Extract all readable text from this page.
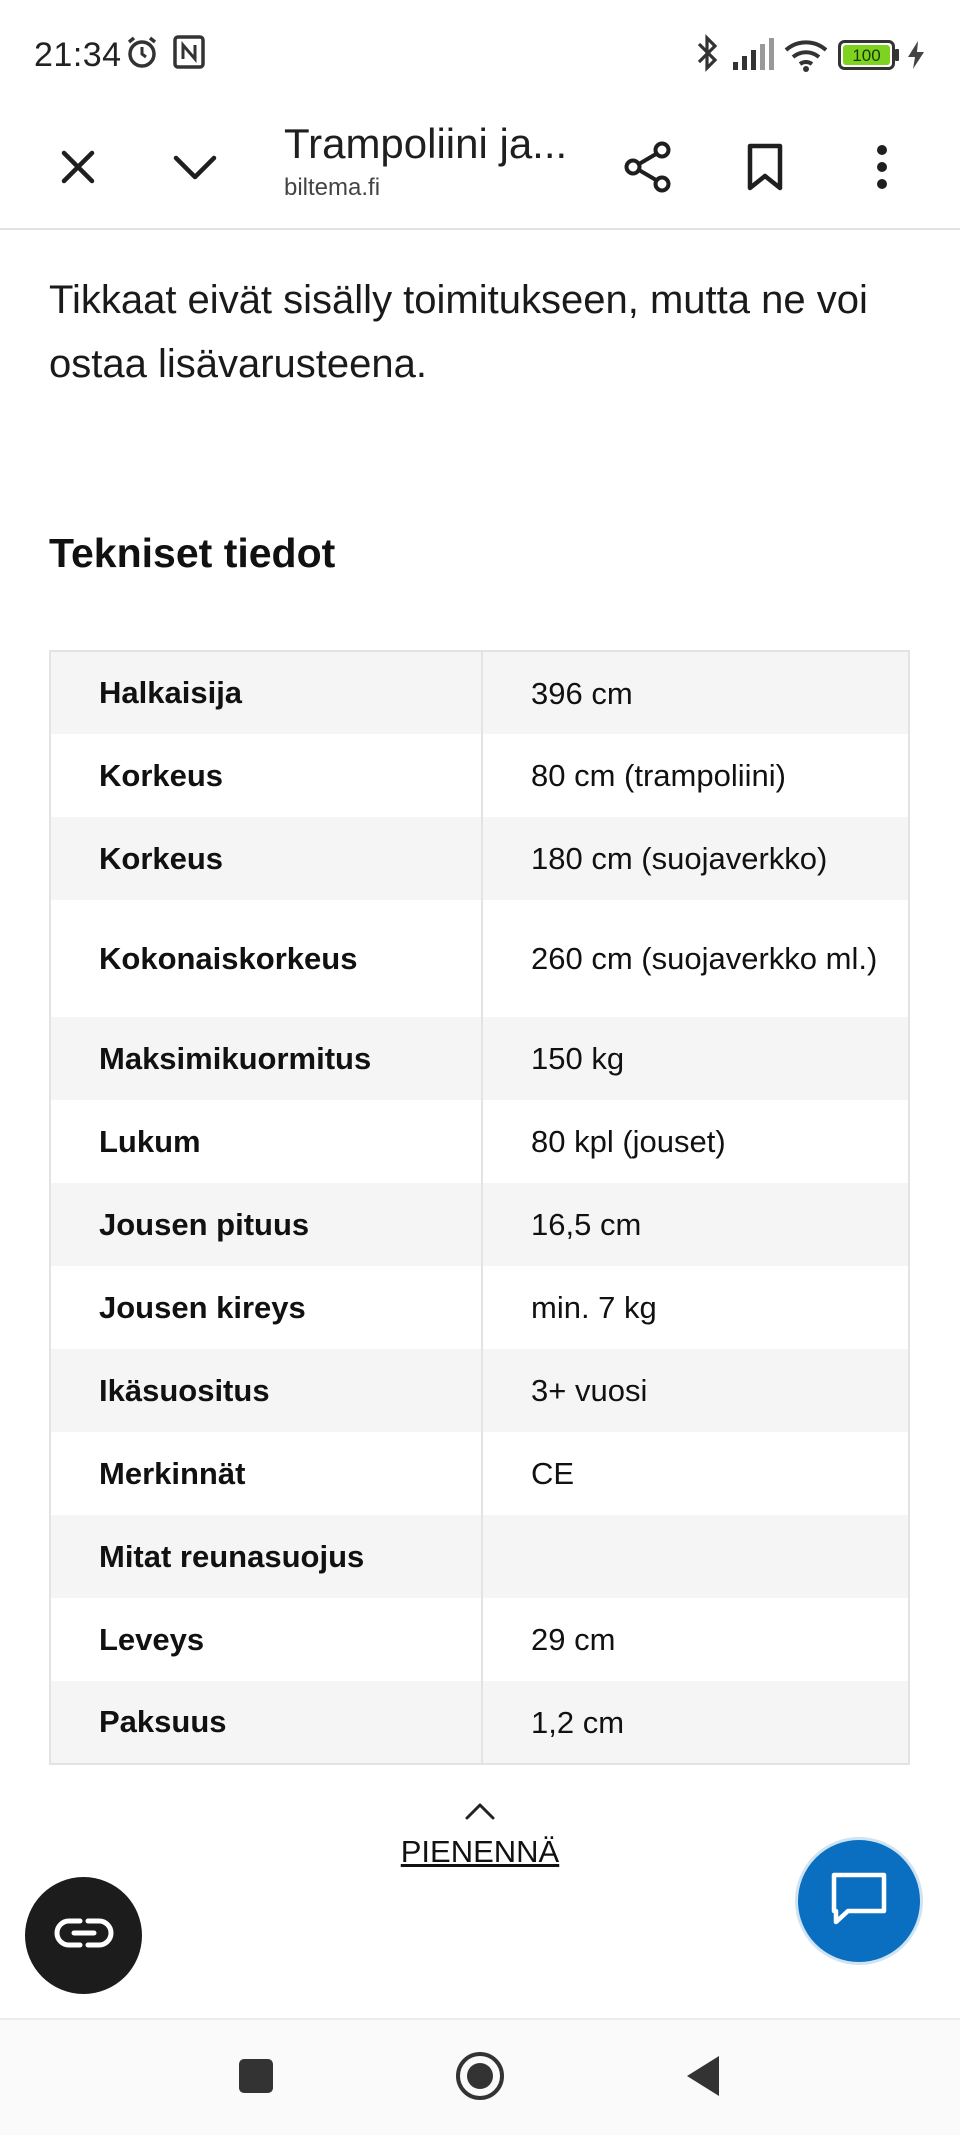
21:34	100
Trampoliini ja...
biltema.fi

Tikkaat eivät sisälly toimitukseen, mutta ne voi ostaa lisävarusteena.

Tekniset tiedot
Halkaisija	396 cm
Korkeus	80 cm (trampoliini)
Korkeus	180 cm (suojaverkko)
Kokonaiskorkeus	260 cm (suojaverkko ml.)
Maksimikuormitus	150 kg
Lukum	80 kpl (jouset)
Jousen pituus	16,5 cm
Jousen kireys	min. 7 kg
Ikäsuositus	3+ vuosi
Merkinnät	CE
Mitat reunasuojus	
Leveys	29 cm
Paksuus	1,2 cm
PIENENNÄ
